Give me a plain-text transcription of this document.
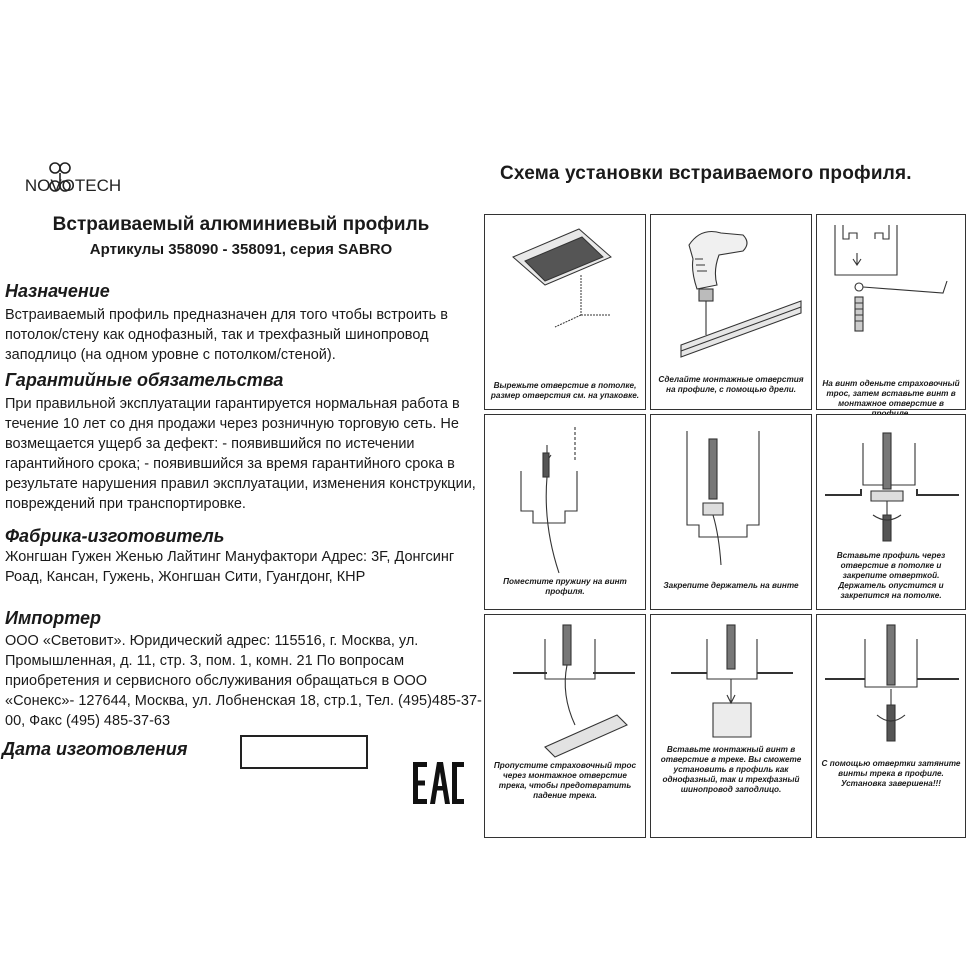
NOVOTECH
Схема установки встраиваемого профиля.
Встраиваемый алюминиевый профиль
Артикулы 358090 - 358091, серия SABRO
Назначение
Встраиваемый профиль предназначен для того чтобы встроить в потолок/стену как однофазный, так и трехфазный шинопровод заподлицо (на одном уровне с потолком/стеной).
Гарантийные обязательства
При правильной эксплуатации гарантируется нормальная работа в течение 10 лет со дня продажи через розничную торговую сеть. Не возмещается ущерб за дефект: - появившийся по истечении гарантийного срока; - появившийся за время гарантийного срока в результате нарушения правил эксплуатации, изменения конструкции, повреждений при транспортировке.
Фабрика-изготовитель
Жонгшан Гужен Женью Лайтинг Мануфактори Адрес: 3F, Донгсинг Роад, Кансан, Гужень, Жонгшан Сити, Гуангдонг, КНР
Импортер
ООО «Световит». Юридический адрес: 115516, г. Москва, ул. Промышленная, д. 11, стр. 3, пом. 1, комн. 21 По вопросам приобретения и сервисного обслуживания обращаться в ООО «Сонекс»- 127644, Москва, ул. Лобненская 18, стр.1, Тел. (495)485-37-00, Факс (495) 485-37-63
Дата изготовления
Вырежьте отверстие в потолке, размер отверстия см. на упаковке.
Сделайте монтажные отверстия на профиле, с помощью дрели.
На винт оденьте страховочный трос, затем вставьте винт в монтажное отверстие в
Поместите пружину на винт профиля.
Закрепите держатель на винте
Вставьте профиль через отверстие в потолке и закрепите отверткой. Держатель опустится и закрепится на потолке.
Пропустите страховочный трос через монтажное отверстие трека, чтобы предотвратить падение трека.
Вставьте монтажный винт в отверстие в треке. Вы сможете установить в профиль как однофазный, так и трехфазный шинопровод заподлицо.
С помощью отвертки затяните винты трека в профиле. Установка завершена!!!
